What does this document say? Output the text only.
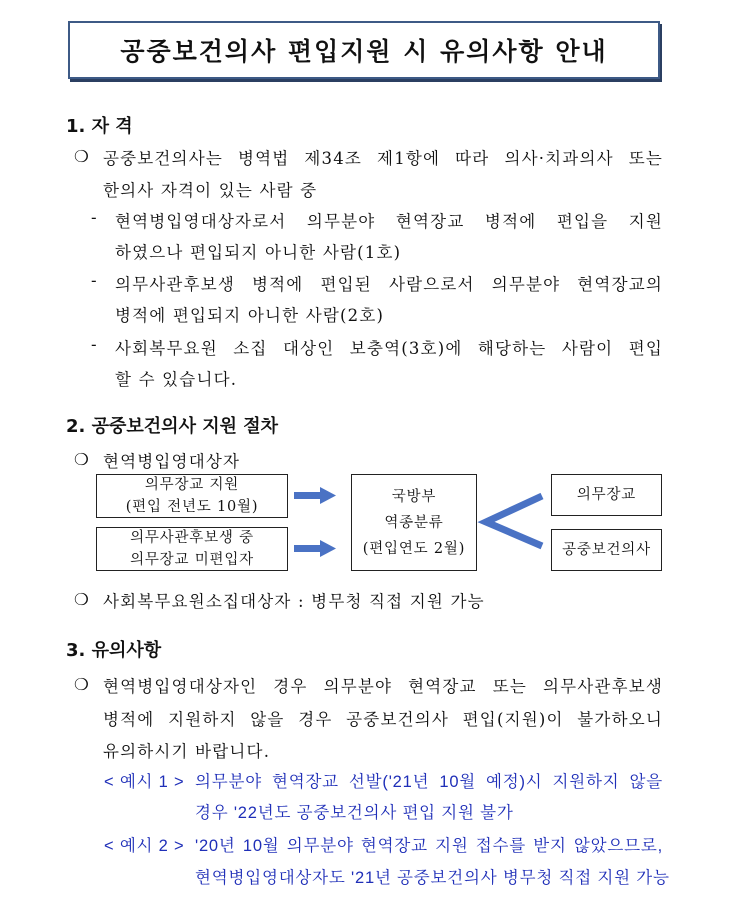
공중보건의사 편입지원 시 유의사항 안내
1. 자 격
❍ 공중보건의사는 병역법 제34조 제1항에 따라 의사·치과의사 또는
한의사 자격이 있는 사람 중
- 현역병입영대상자로서 의무분야 현역장교 병적에 편입을 지원
하였으나 편입되지 아니한 사람(1호)
- 의무사관후보생 병적에 편입된 사람으로서 의무분야 현역장교의
병적에 편입되지 아니한 사람(2호)
- 사회복무요원 소집 대상인 보충역(3호)에 해당하는 사람이 편입
할 수 있습니다.
2. 공중보건의사 지원 절차
❍ 현역병입영대상자
의무장교 지원
(편입 전년도 10월)
의무사관후보생 중
의무장교 미편입자
국방부
역종분류
(편입연도 2월)
의무장교
공중보건의사
❍ 사회복무요원소집대상자 : 병무청 직접 지원 가능
3. 유의사항
❍ 현역병입영대상자인 경우 의무분야 현역장교 또는 의무사관후보생
병적에 지원하지 않을 경우 공중보건의사 편입(지원)이 불가하오니
유의하시기 바랍니다.
< 예시 1 > 의무분야 현역장교 선발('21년 10월 예정)시 지원하지 않을
경우 '22년도 공중보건의사 편입 지원 불가
< 예시 2 > '20년 10월 의무분야 현역장교 지원 접수를 받지 않았으므로,
현역병입영대상자도 '21년 공중보건의사 병무청 직접 지원 가능
